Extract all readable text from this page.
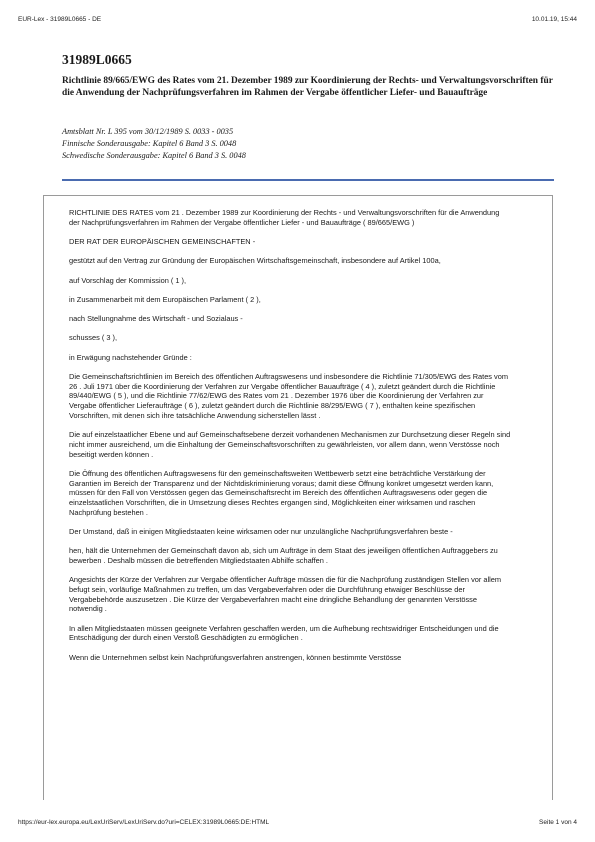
EUR-Lex - 31989L0665 - DE	10.01.19, 15:44
31989L0665
Richtlinie 89/665/EWG des Rates vom 21. Dezember 1989 zur Koordinierung der Rechts- und Verwaltungsvorschriften für die Anwendung der Nachprüfungsverfahren im Rahmen der Vergabe öffentlicher Liefer- und Bauaufträge
Amtsblatt Nr. L 395 vom 30/12/1989 S. 0033 - 0035
Finnische Sonderausgabe: Kapitel 6 Band 3 S. 0048
Schwedische Sonderausgabe: Kapitel 6 Band 3 S. 0048

RICHTLINIE DES RATES vom 21 . Dezember 1989 zur Koordinierung der Rechts - und Verwaltungsvorschriften für die Anwendung der Nachprüfungsverfahren im Rahmen der Vergabe öffentlicher Liefer - und Bauaufträge ( 89/665/EWG )

DER RAT DER EUROPÄISCHEN GEMEINSCHAFTEN -

gestützt auf den Vertrag zur Gründung der Europäischen Wirtschaftsgemeinschaft, insbesondere auf Artikel 100a,

auf Vorschlag der Kommission ( 1 ),

in Zusammenarbeit mit dem Europäischen Parlament ( 2 ),

nach Stellungnahme des Wirtschaft - und Sozialaus -

schusses ( 3 ),

in Erwägung nachstehender Gründe :

Die Gemeinschaftsrichtlinien im Bereich des öffentlichen Auftragswesens und insbesondere die Richtlinie 71/305/EWG des Rates vom 26 . Juli 1971 über die Koordinierung der Verfahren zur Vergabe öffentlicher Bauaufträge ( 4 ), zuletzt geändert durch die Richtlinie 89/440/EWG ( 5 ), und die Richtlinie 77/62/EWG des Rates vom 21 . Dezember 1976 über die Koordinierung der Verfahren zur Vergabe öffentlicher Lieferaufträge ( 6 ), zuletzt geändert durch die Richtlinie 88/295/EWG ( 7 ), enthalten keine spezifischen Vorschriften, mit denen sich ihre tatsächliche Anwendung sicherstellen lässt .

Die auf einzelstaatlicher Ebene und auf Gemeinschaftsebene derzeit vorhandenen Mechanismen zur Durchsetzung dieser Regeln sind nicht immer ausreichend, um die Einhaltung der Gemeinschaftsvorschriften zu gewährleisten, vor allem dann, wenn Verstösse noch beseitigt werden können .

Die Öffnung des öffentlichen Auftragswesens für den gemeinschaftsweiten Wettbewerb setzt eine beträchtliche Verstärkung der Garantien im Bereich der Transparenz und der Nichtdiskriminierung voraus; damit diese Öffnung konkret umgesetzt werden kann, müssen für den Fall von Verstössen gegen das Gemeinschaftsrecht im Bereich des öffentlichen Auftragswesens oder gegen die einzelstaatlichen Vorschriften, die in Umsetzung dieses Rechtes ergangen sind, Möglichkeiten einer wirksamen und raschen Nachprüfung bestehen .

Der Umstand, daß in einigen Mitgliedstaaten keine wirksamen oder nur unzulängliche Nachprüfungsverfahren beste -

hen, hält die Unternehmen der Gemeinschaft davon ab, sich um Aufträge in dem Staat des jeweiligen öffentlichen Auftraggebers zu bewerben . Deshalb müssen die betreffenden Mitgliedstaaten Abhilfe schaffen .

Angesichts der Kürze der Verfahren zur Vergabe öffentlicher Aufträge müssen die für die Nachprüfung zuständigen Stellen vor allem befugt sein, vorläufige Maßnahmen zu treffen, um das Vergabeverfahren oder die Durchführung etwaiger Beschlüsse der Vergabebehörde auszusetzen . Die Kürze der Vergabeverfahren macht eine dringliche Behandlung der genannten Verstösse notwendig .

In allen Mitgliedstaaten müssen geeignete Verfahren geschaffen werden, um die Aufhebung rechtswidriger Entscheidungen und die Entschädigung der durch einen Verstoß Geschädigten zu ermöglichen .

Wenn die Unternehmen selbst kein Nachprüfungsverfahren anstrengen, können bestimmte Verstösse

https://eur-lex.europa.eu/LexUriServ/LexUriServ.do?uri=CELEX:31989L0665:DE:HTML	Seite 1 von 4
